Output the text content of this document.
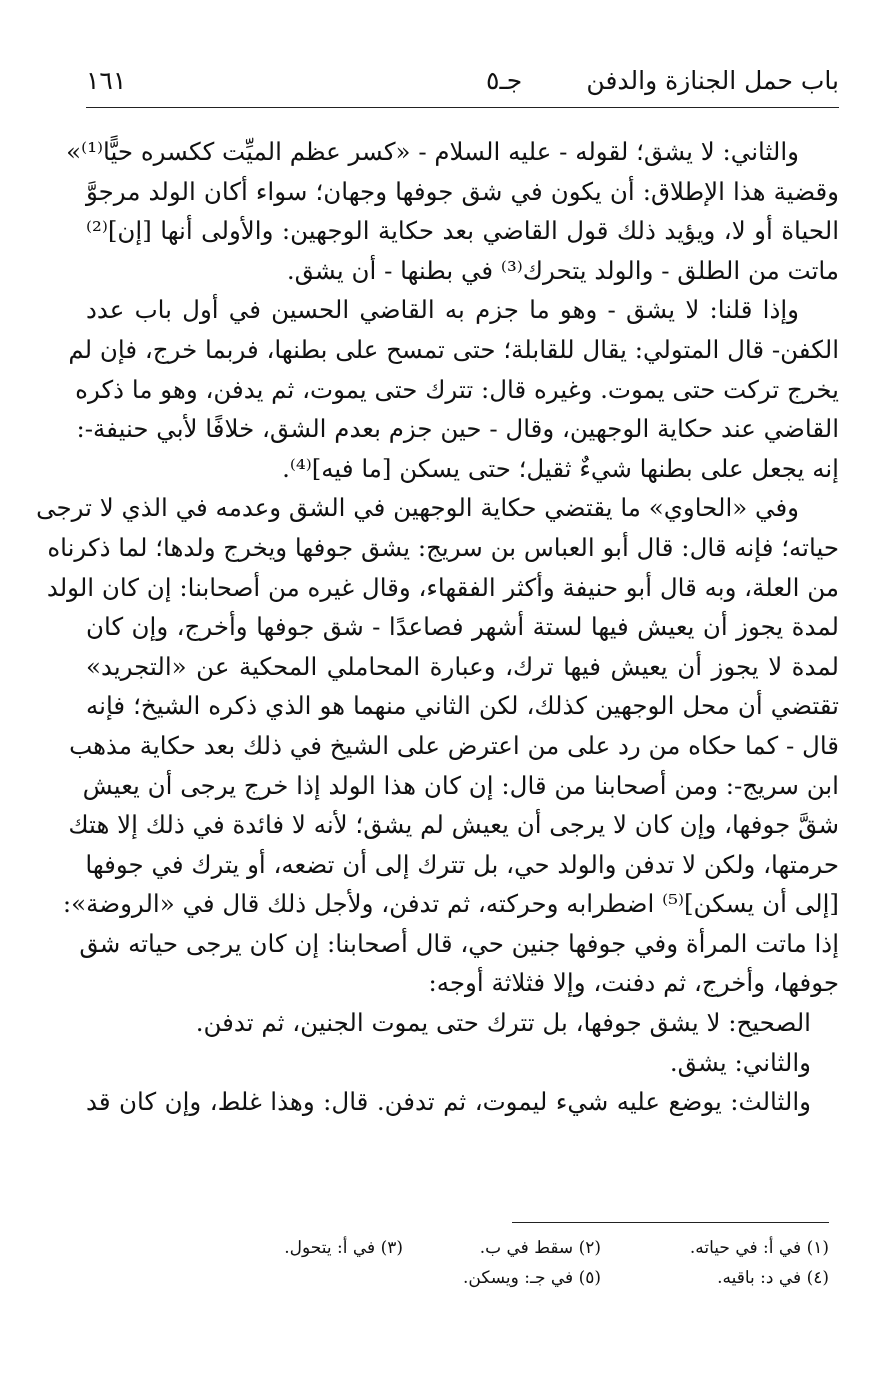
١٦١	جـ٥	باب حمل الجنازة والدفن
والثاني: لا يشق؛ لقوله - عليه السلام - «كسر عظم الميِّت ككسره حيًّا⁽¹⁾»
وقضية هذا الإطلاق: أن يكون في شق جوفها وجهان؛ سواء أكان الولد مرجوَّ
الحياة أو لا، ويؤيد ذلك قول القاضي بعد حكاية الوجهين: والأولى أنها [إن]⁽²⁾
ماتت من الطلق - والولد يتحرك⁽³⁾ في بطنها - أن يشق.
وإذا قلنا: لا يشق - وهو ما جزم به القاضي الحسين في أول باب عدد
الكفن- قال المتولي: يقال للقابلة؛ حتى تمسح على بطنها، فربما خرج، فإن لم
يخرج تركت حتى يموت. وغيره قال: تترك حتى يموت، ثم يدفن، وهو ما ذكره
القاضي عند حكاية الوجهين، وقال - حين جزم بعدم الشق، خلافًا لأبي حنيفة-:
إنه يجعل على بطنها شيءٌ ثقيل؛ حتى يسكن [ما فيه]⁽⁴⁾.
وفي «الحاوي» ما يقتضي حكاية الوجهين في الشق وعدمه في الذي لا ترجى
حياته؛ فإنه قال: قال أبو العباس بن سريج: يشق جوفها ويخرج ولدها؛ لما ذكرناه
من العلة، وبه قال أبو حنيفة وأكثر الفقهاء، وقال غيره من أصحابنا: إن كان الولد
لمدة يجوز أن يعيش فيها لستة أشهر فصاعدًا - شق جوفها وأخرج، وإن كان
لمدة لا يجوز أن يعيش فيها ترك، وعبارة المحاملي المحكية عن «التجريد»
تقتضي أن محل الوجهين كذلك، لكن الثاني منهما هو الذي ذكره الشيخ؛ فإنه
قال - كما حكاه من رد على من اعترض على الشيخ في ذلك بعد حكاية مذهب
ابن سريج-: ومن أصحابنا من قال: إن كان هذا الولد إذا خرج يرجى أن يعيش
شقَّ جوفها، وإن كان لا يرجى أن يعيش لم يشق؛ لأنه لا فائدة في ذلك إلا هتك
حرمتها، ولكن لا تدفن والولد حي، بل تترك إلى أن تضعه، أو يترك في جوفها
[إلى أن يسكن]⁽⁵⁾ اضطرابه وحركته، ثم تدفن، ولأجل ذلك قال في «الروضة»:
إذا ماتت المرأة وفي جوفها جنين حي، قال أصحابنا: إن كان يرجى حياته شق
جوفها، وأخرج، ثم دفنت، وإلا فثلاثة أوجه:
الصحيح: لا يشق جوفها، بل تترك حتى يموت الجنين، ثم تدفن.
والثاني: يشق.
والثالث: يوضع عليه شيء ليموت، ثم تدفن. قال: وهذا غلط، وإن كان قد
(١) في أ: في حياته.
(٢) سقط في ب.
(٣) في أ: يتحول.
(٤) في د: باقيه.
(٥) في جـ: ويسكن.
